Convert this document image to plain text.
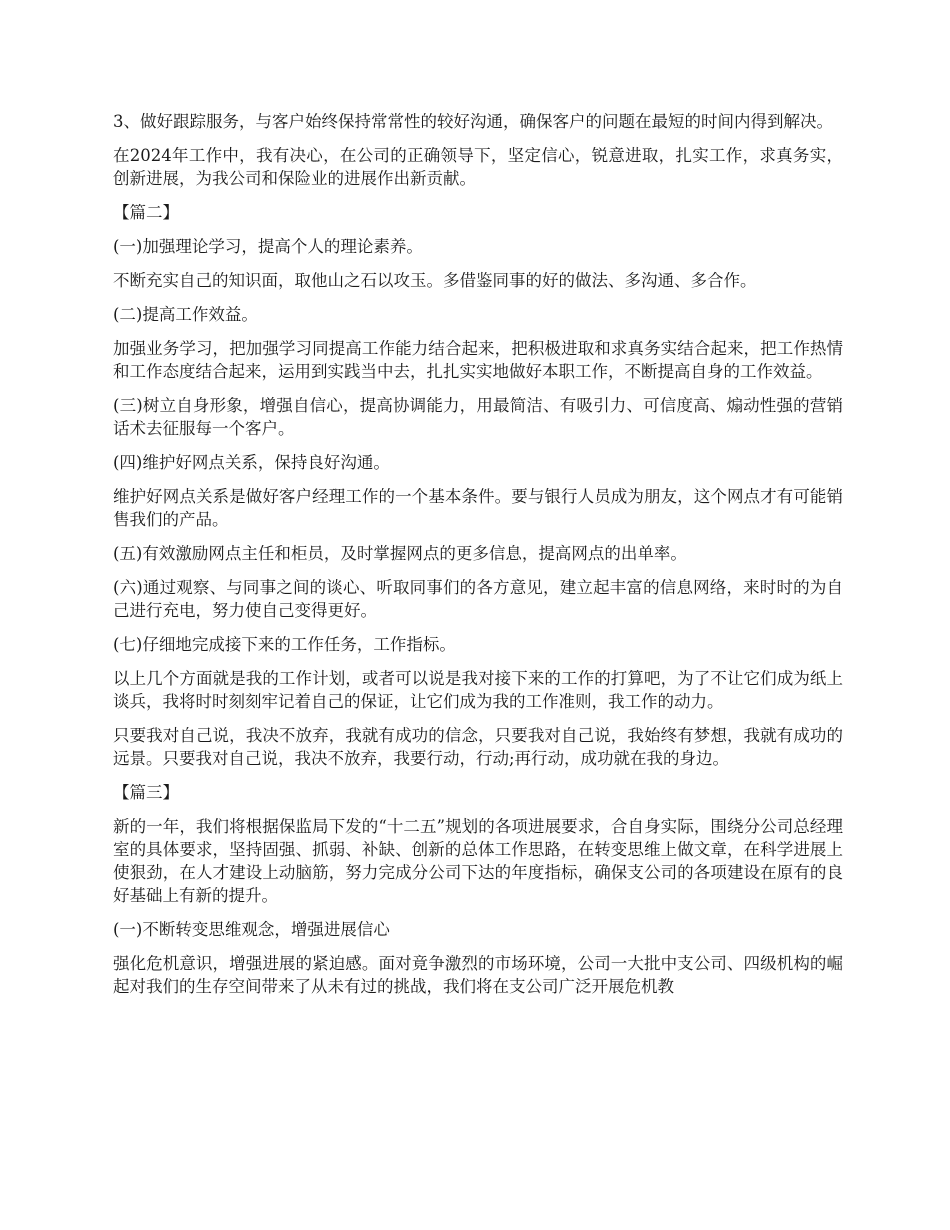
3、做好跟踪服务，与客户始终保持常常性的较好沟通，确保客户的问题在最短的时间内得到解决。

在2024年工作中，我有决心，在公司的正确领导下，坚定信心，锐意进取，扎实工作，求真务实，创新进展，为我公司和保险业的进展作出新贡献。

【篇二】

(一)加强理论学习，提高个人的理论素养。

不断充实自己的知识面，取他山之石以攻玉。多借鉴同事的好的做法、多沟通、多合作。

(二)提高工作效益。

加强业务学习，把加强学习同提高工作能力结合起来，把积极进取和求真务实结合起来，把工作热情和工作态度结合起来，运用到实践当中去，扎扎实实地做好本职工作，不断提高自身的工作效益。

(三)树立自身形象，增强自信心，提高协调能力，用最简洁、有吸引力、可信度高、煽动性强的营销话术去征服每一个客户。

(四)维护好网点关系，保持良好沟通。

维护好网点关系是做好客户经理工作的一个基本条件。要与银行人员成为朋友，这个网点才有可能销售我们的产品。

(五)有效激励网点主任和柜员，及时掌握网点的更多信息，提高网点的出单率。

(六)通过观察、与同事之间的谈心、听取同事们的各方意见，建立起丰富的信息网络，来时时的为自己进行充电，努力使自己变得更好。

(七)仔细地完成接下来的工作任务，工作指标。

以上几个方面就是我的工作计划，或者可以说是我对接下来的工作的打算吧，为了不让它们成为纸上谈兵，我将时时刻刻牢记着自己的保证，让它们成为我的工作准则，我工作的动力。

只要我对自己说，我决不放弃，我就有成功的信念，只要我对自己说，我始终有梦想，我就有成功的远景。只要我对自己说，我决不放弃，我要行动，行动;再行动，成功就在我的身边。

【篇三】

新的一年，我们将根据保监局下发的“十二五”规划的各项进展要求，合自身实际，围绕分公司总经理室的具体要求，坚持固强、抓弱、补缺、创新的总体工作思路，在转变思维上做文章，在科学进展上使狠劲，在人才建设上动脑筋，努力完成分公司下达的年度指标，确保支公司的各项建设在原有的良好基础上有新的提升。

(一)不断转变思维观念，增强进展信心

强化危机意识，增强进展的紧迫感。面对竟争激烈的市场环境，公司一大批中支公司、四级机构的崛起对我们的生存空间带来了从未有过的挑战，我们将在支公司广泛开展危机教
